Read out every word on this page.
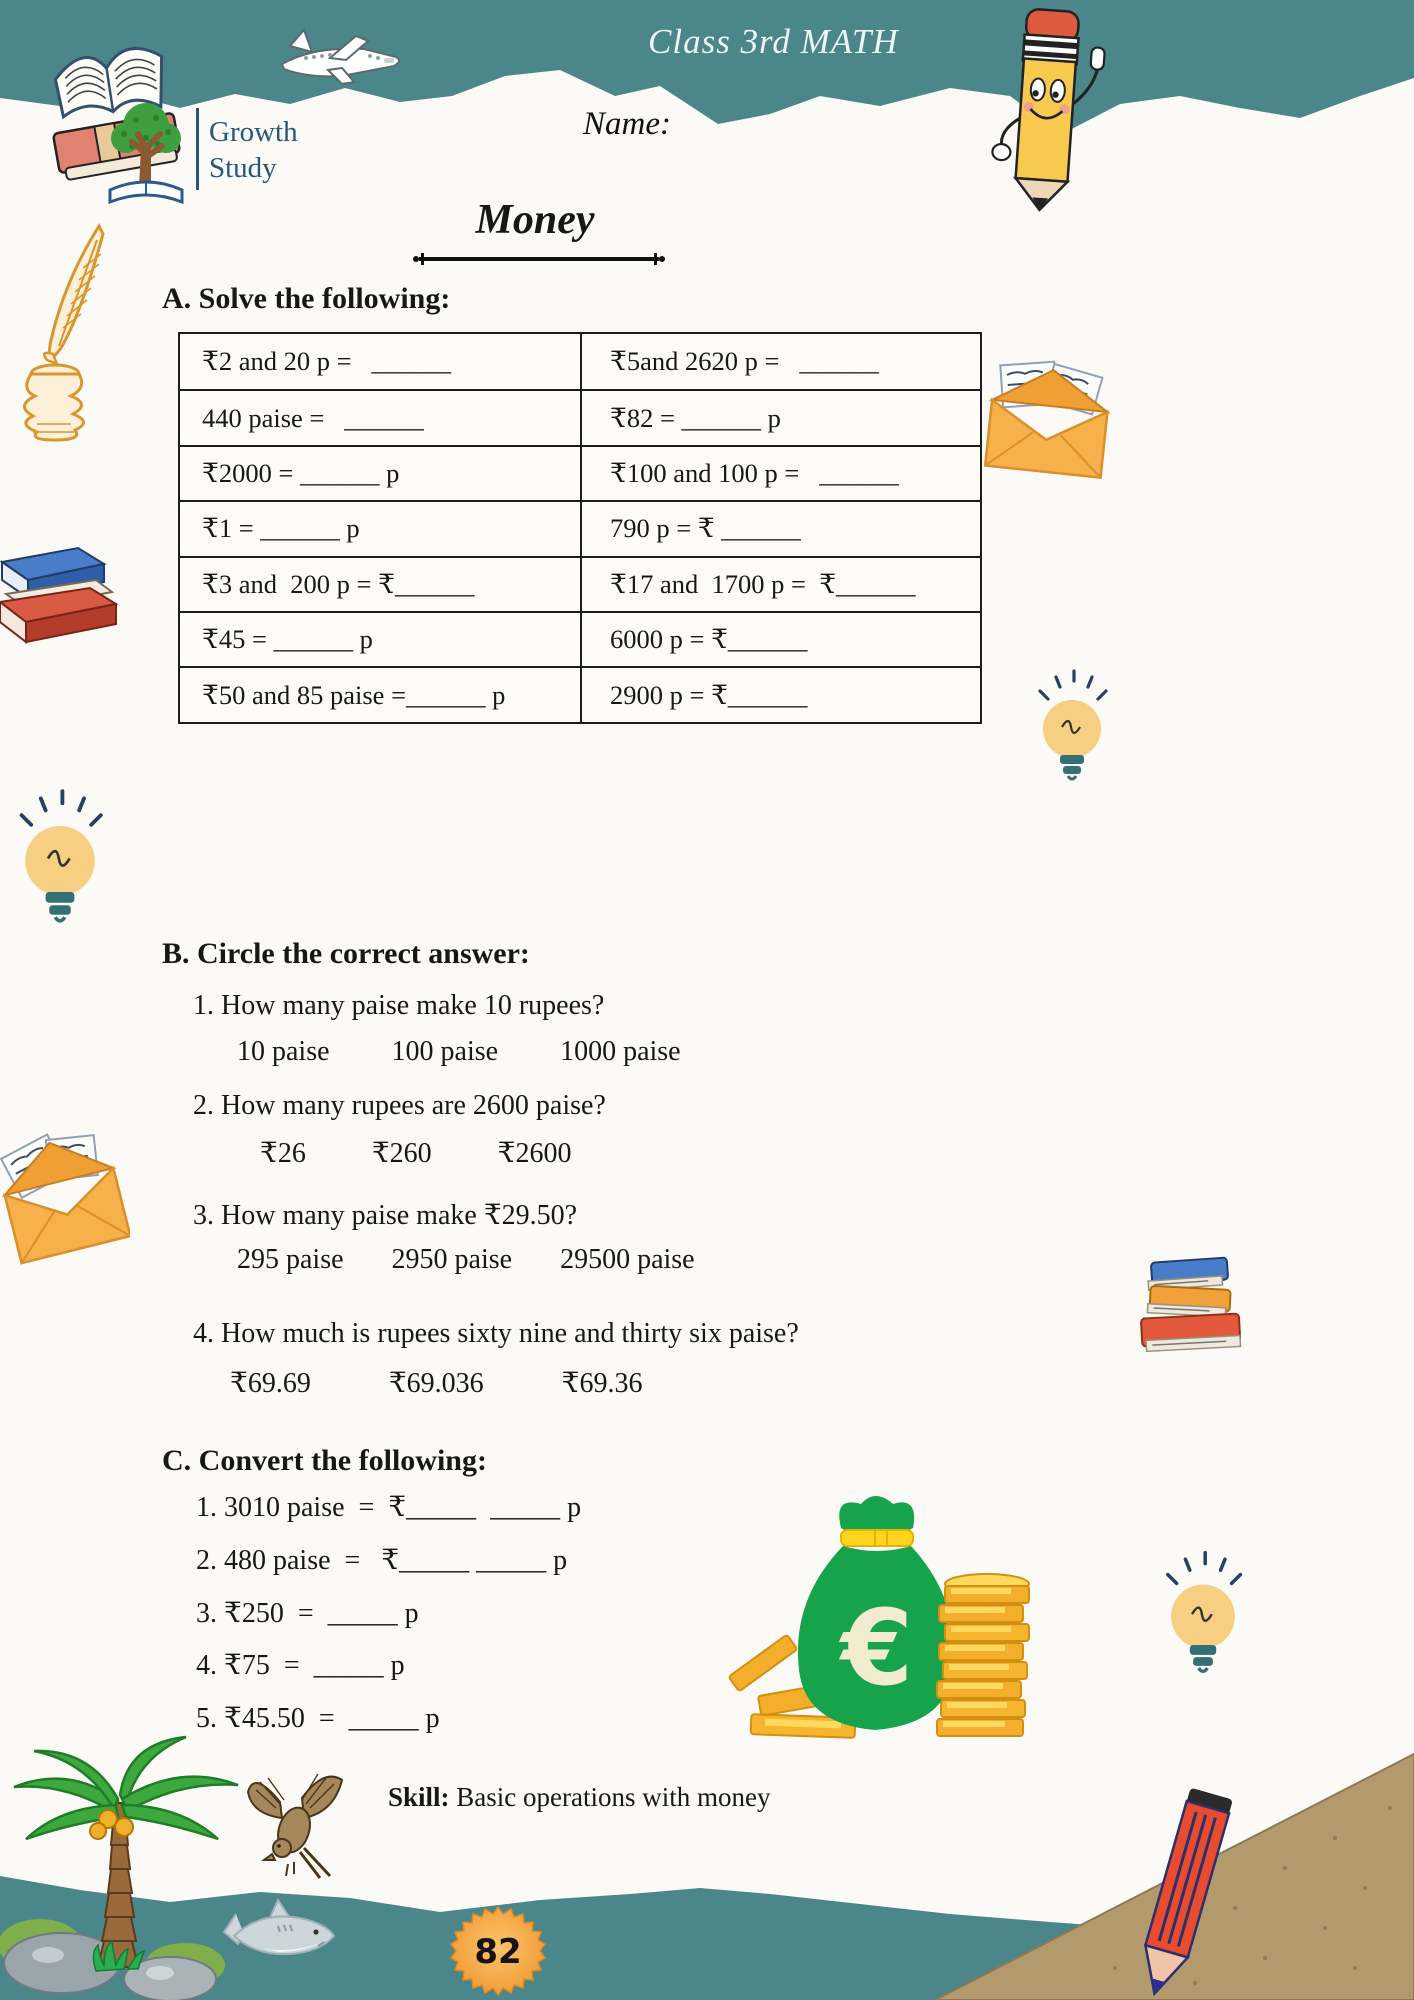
Growth
Study
Class 3rd MATH
Name:
Money
A. Solve the following:
₹2 and 20 p =   ______	₹5and 2620 p =   ______
440 paise =   ______	₹82 = ______ p
₹2000 = ______ p	₹100 and 100 p =   ______
₹1 = ______ p	790 p = ₹ ______
₹3 and  200 p = ₹______	₹17 and  1700 p =  ₹______
₹45 = ______ p	6000 p = ₹______
₹50 and 85 paise =______ p	2900 p = ₹______
B. Circle the correct answer:
1. How many paise make 10 rupees?
10 paise 100 paise 1000 paise
2. How many rupees are 2600 paise?
₹26 ₹260 ₹2600
3. How many paise make ₹29.50?
295 paise 2950 paise 29500 paise
4. How much is rupees sixty nine and thirty six paise?
₹69.69	₹69.036	₹69.36
C. Convert the following:
1. 3010 paise  =  ₹_____  _____ p
2. 480 paise  =   ₹_____ _____ p
3. ₹250  =  _____ p
4. ₹75  =  _____ p
5. ₹45.50  =  _____ p
€
Skill: Basic operations with money
82
